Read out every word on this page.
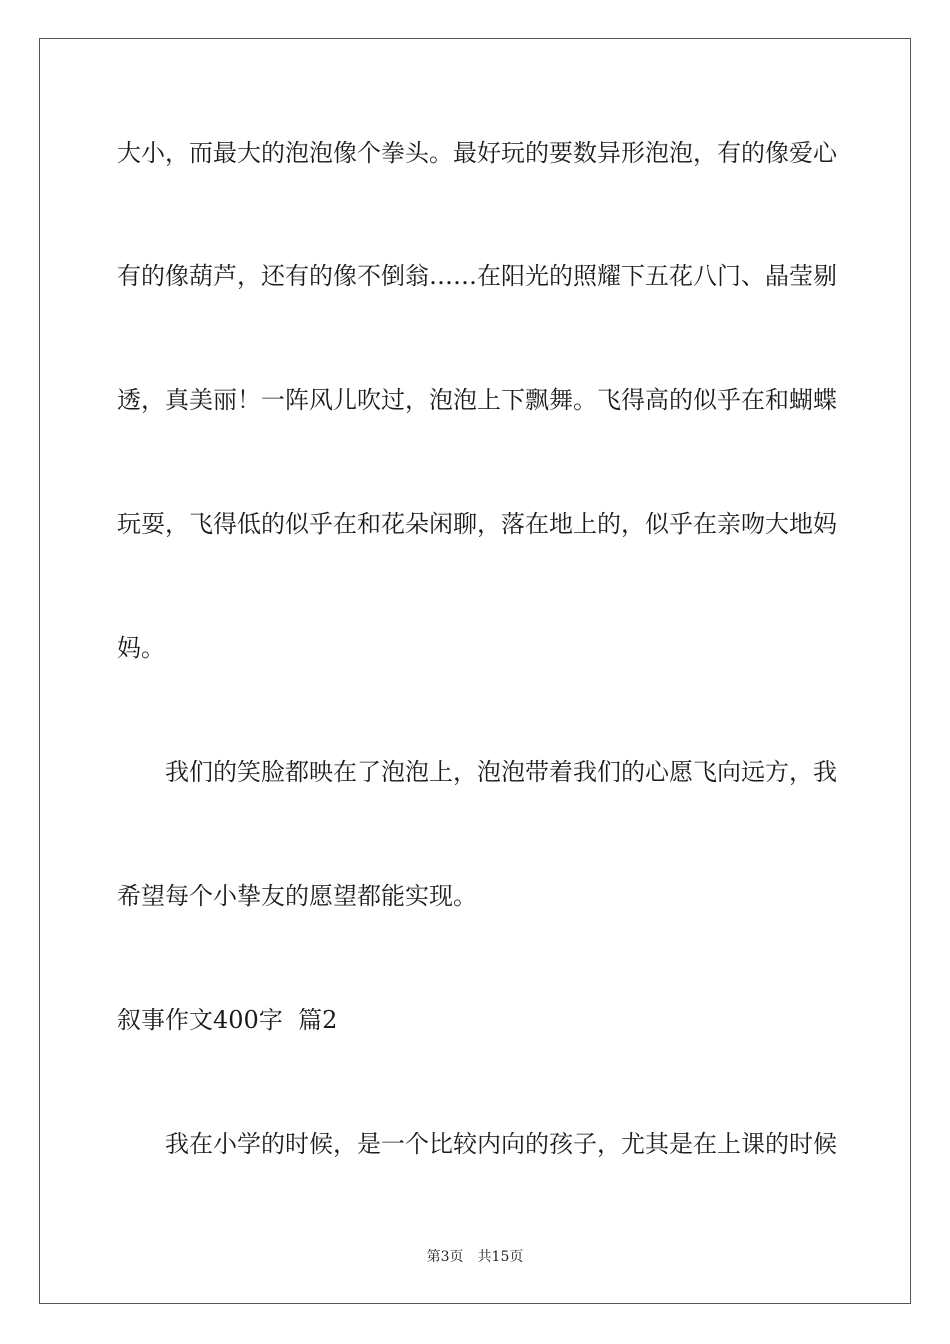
大小，而最大的泡泡像个拳头。最好玩的要数异形泡泡，有的像爱心
有的像葫芦，还有的像不倒翁……在阳光的照耀下五花八门、晶莹剔
透，真美丽！一阵风儿吹过，泡泡上下飘舞。飞得高的似乎在和蝴蝶
玩耍，飞得低的似乎在和花朵闲聊，落在地上的，似乎在亲吻大地妈
妈。
我们的笑脸都映在了泡泡上，泡泡带着我们的心愿飞向远方，我
希望每个小挚友的愿望都能实现。
叙事作文400字  篇2
我在小学的时候，是一个比较内向的孩子，尤其是在上课的时候
第3页 共15页
